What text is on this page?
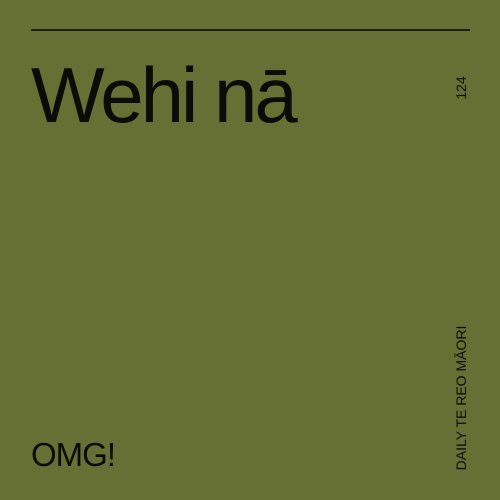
Wehi nā	124
OMG!	DAILY TE REO MĀORI
